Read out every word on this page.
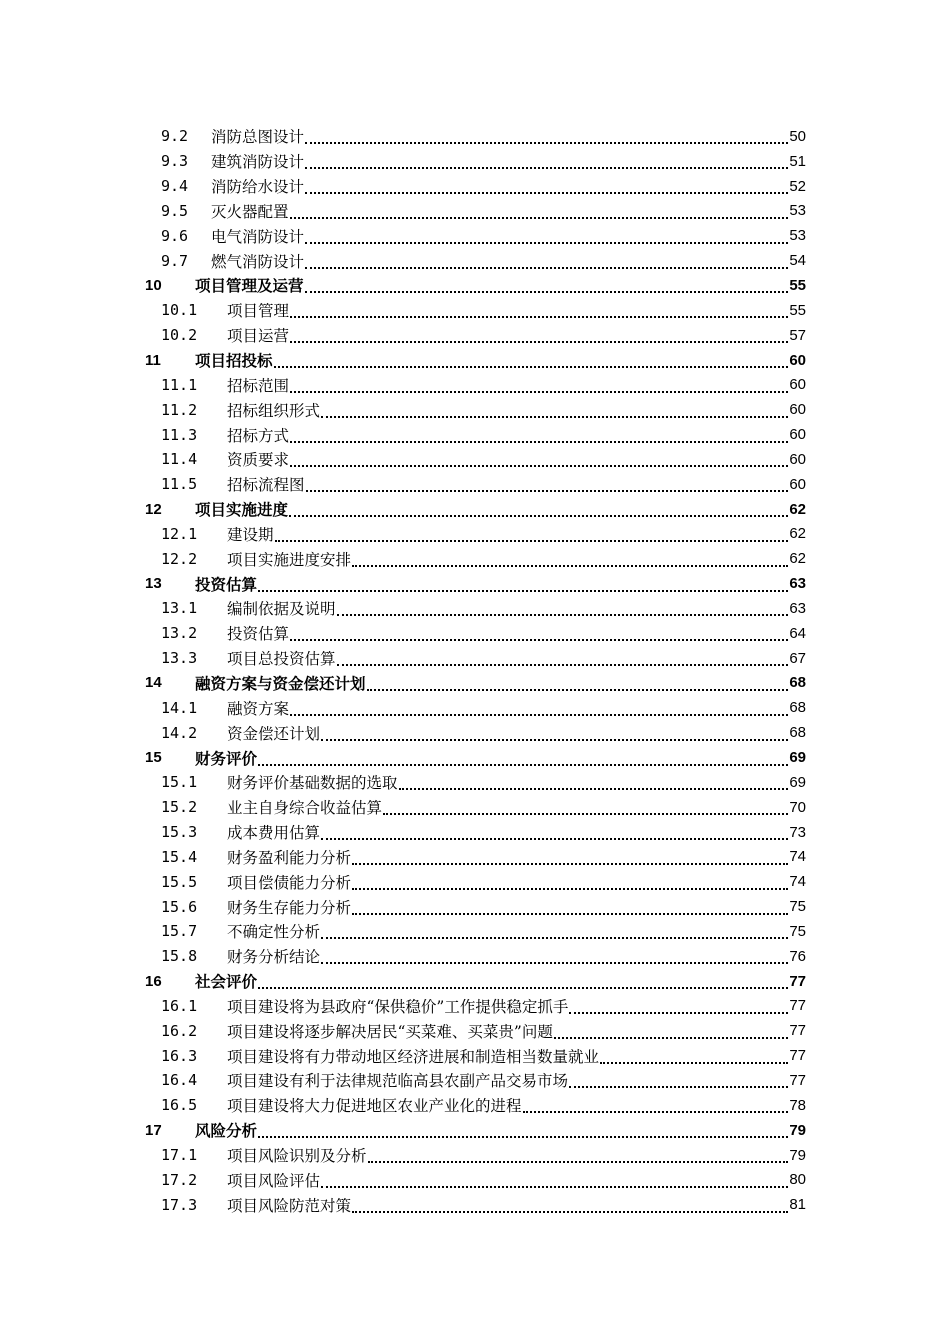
9.2	消防总图设计	50
9.3	建筑消防设计	51
9.4	消防给水设计	52
9.5	灭火器配置	53
9.6	电气消防设计	53
9.7	燃气消防设计	54
10	项目管理及运营	55
10.1	项目管理	55
10.2	项目运营	57
11	项目招投标	60
11.1	招标范围	60
11.2	招标组织形式	60
11.3	招标方式	60
11.4	资质要求	60
11.5	招标流程图	60
12	项目实施进度	62
12.1	建设期	62
12.2	项目实施进度安排	62
13	投资估算	63
13.1	编制依据及说明	63
13.2	投资估算	64
13.3	项目总投资估算	67
14	融资方案与资金偿还计划	68
14.1	融资方案	68
14.2	资金偿还计划	68
15	财务评价	69
15.1	财务评价基础数据的选取	69
15.2	业主自身综合收益估算	70
15.3	成本费用估算	73
15.4	财务盈利能力分析	74
15.5	项目偿债能力分析	74
15.6	财务生存能力分析	75
15.7	不确定性分析	75
15.8	财务分析结论	76
16	社会评价	77
16.1	项目建设将为县政府“保供稳价”工作提供稳定抓手	77
16.2	项目建设将逐步解决居民“买菜难、买菜贵”问题	77
16.3	项目建设将有力带动地区经济进展和制造相当数量就业	77
16.4	项目建设有利于法律规范临高县农副产品交易市场	77
16.5	项目建设将大力促进地区农业产业化的进程	78
17	风险分析	79
17.1	项目风险识别及分析	79
17.2	项目风险评估	80
17.3	项目风险防范对策	81
